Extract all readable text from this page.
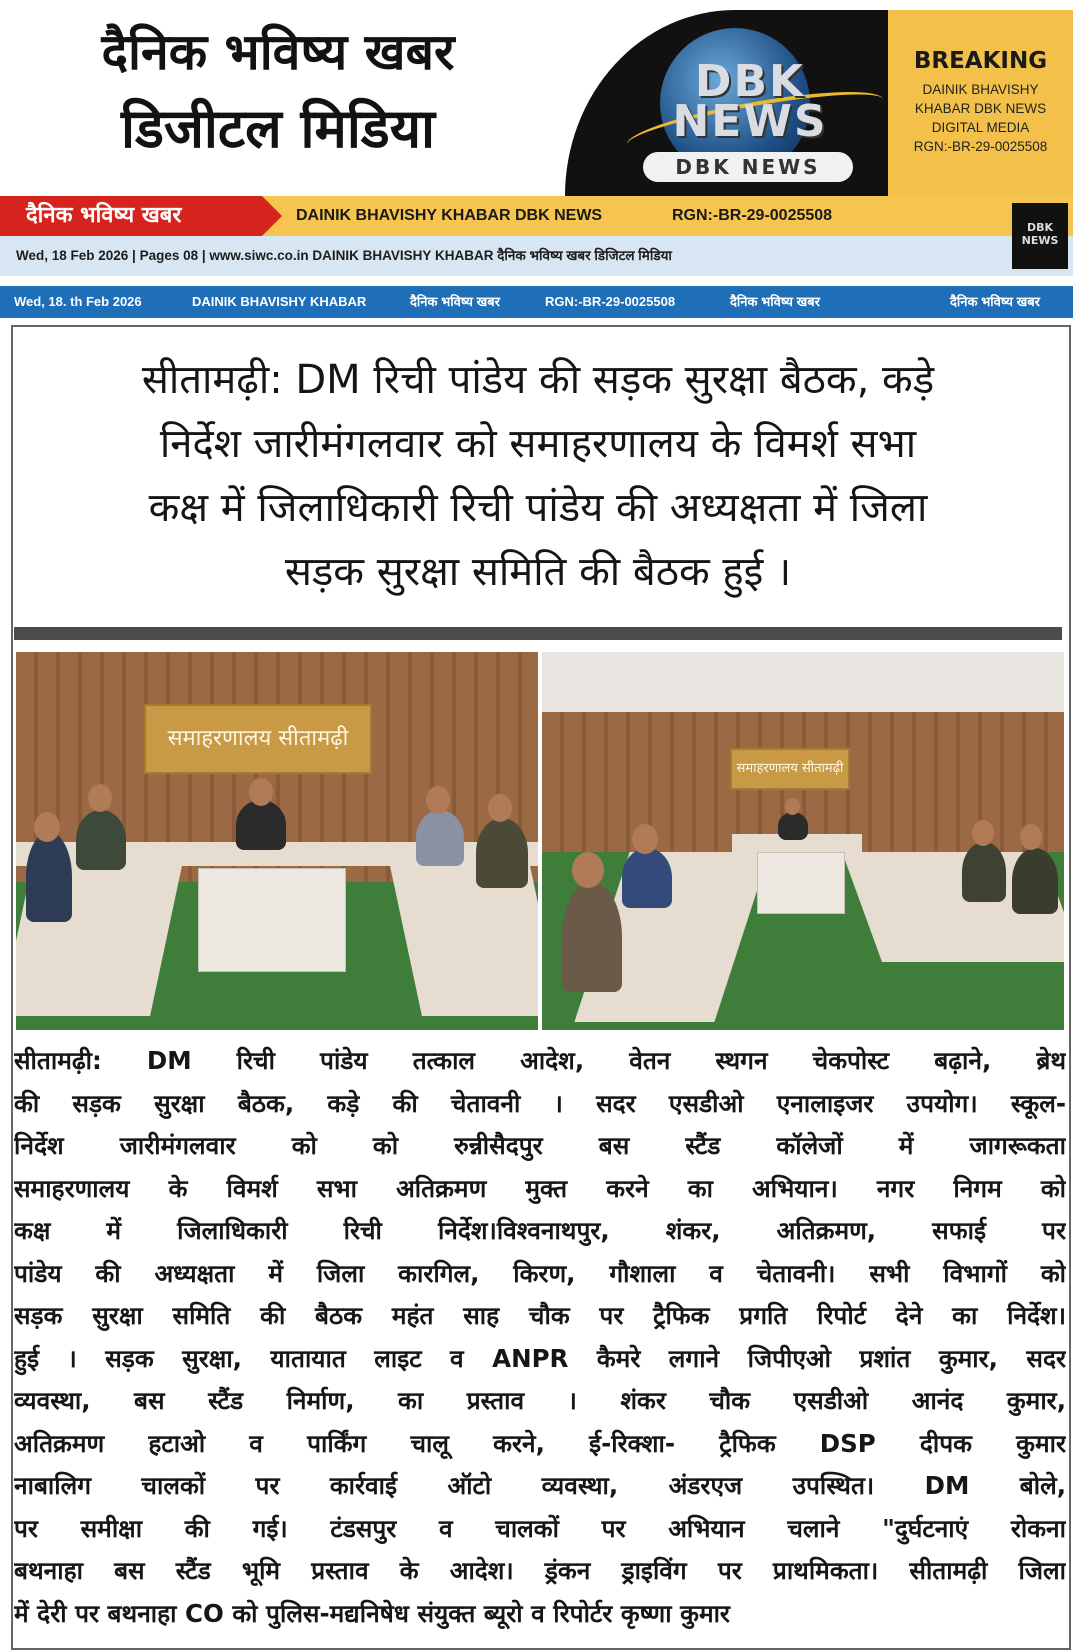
दैनिक भविष्य खबर
डिजीटल मिडिया
DBK NEWS
DBK NEWS
BREAKING
DAINIK BHAVISHY
KHABAR DBK NEWS
DIGITAL MEDIA
RGN:-BR-29-0025508
दैनिक भविष्य खबर	DAINIK BHAVISHY KHABAR DBK NEWS	RGN:-BR-29-0025508
Wed, 18 Feb 2026 | Pages 08 | www.siwc.co.in DAINIK BHAVISHY KHABAR दैनिक भविष्य खबर डिजिटल मिडिया
DBK NEWS
Wed, 18. th Feb 2026	DAINIK BHAVISHY KHABAR	दैनिक भविष्य खबर	RGN:-BR-29-0025508	दैनिक भविष्य खबर	दैनिक भविष्य खबर
सीतामढ़ी: DM रिची पांडेय की सड़क सुरक्षा बैठक, कड़े
निर्देश जारीमंगलवार को समाहरणालय के विमर्श सभा
कक्ष में जिलाधिकारी रिची पांडेय की अध्यक्षता में जिला
सड़क सुरक्षा समिति की बैठक हुई ।
समाहरणालय सीतामढ़ी
समाहरणालय सीतामढ़ी
सीतामढ़ी: DM रिची पांडेय तत्काल आदेश, वेतन स्थगन चेकपोस्ट बढ़ाने, ब्रेथ
की सड़क सुरक्षा बैठक, कड़े की चेतावनी । सदर एसडीओ एनालाइजर उपयोग। स्कूल-
निर्देश जारीमंगलवार को को रुन्नीसैदपुर बस स्टैंड कॉलेजों में जागरूकता
समाहरणालय के विमर्श सभा अतिक्रमण मुक्त करने का अभियान। नगर निगम को
कक्ष में जिलाधिकारी रिची निर्देश।विश्वनाथपुर, शंकर, अतिक्रमण, सफाई पर
पांडेय की अध्यक्षता में जिला कारगिल, किरण, गौशाला व चेतावनी। सभी विभागों को
सड़क सुरक्षा समिति की बैठक महंत साह चौक पर ट्रैफिक प्रगति रिपोर्ट देने का निर्देश।
हुई । सड़क सुरक्षा, यातायात लाइट व ANPR कैमरे लगाने जिपीएओ प्रशांत कुमार, सदर
व्यवस्था, बस स्टैंड निर्माण, का प्रस्ताव । शंकर चौक एसडीओ आनंद कुमार,
अतिक्रमण हटाओ व पार्किंग चालू करने, ई-रिक्शा- ट्रैफिक DSP दीपक कुमार
नाबालिग चालकों पर कार्रवाई ऑटो व्यवस्था, अंडरएज उपस्थित। DM बोले,
पर समीक्षा की गई। टंडसपुर व चालकों पर अभियान चलाने "दुर्घटनाएं रोकना
बथनाहा बस स्टैंड भूमि प्रस्ताव के आदेश। ड्रंकन ड्राइविंग पर प्राथमिकता। सीतामढ़ी जिला
में देरी पर बथनाहा CO को पुलिस-मद्यनिषेध संयुक्त ब्यूरो व रिपोर्टर कृष्णा कुमार
